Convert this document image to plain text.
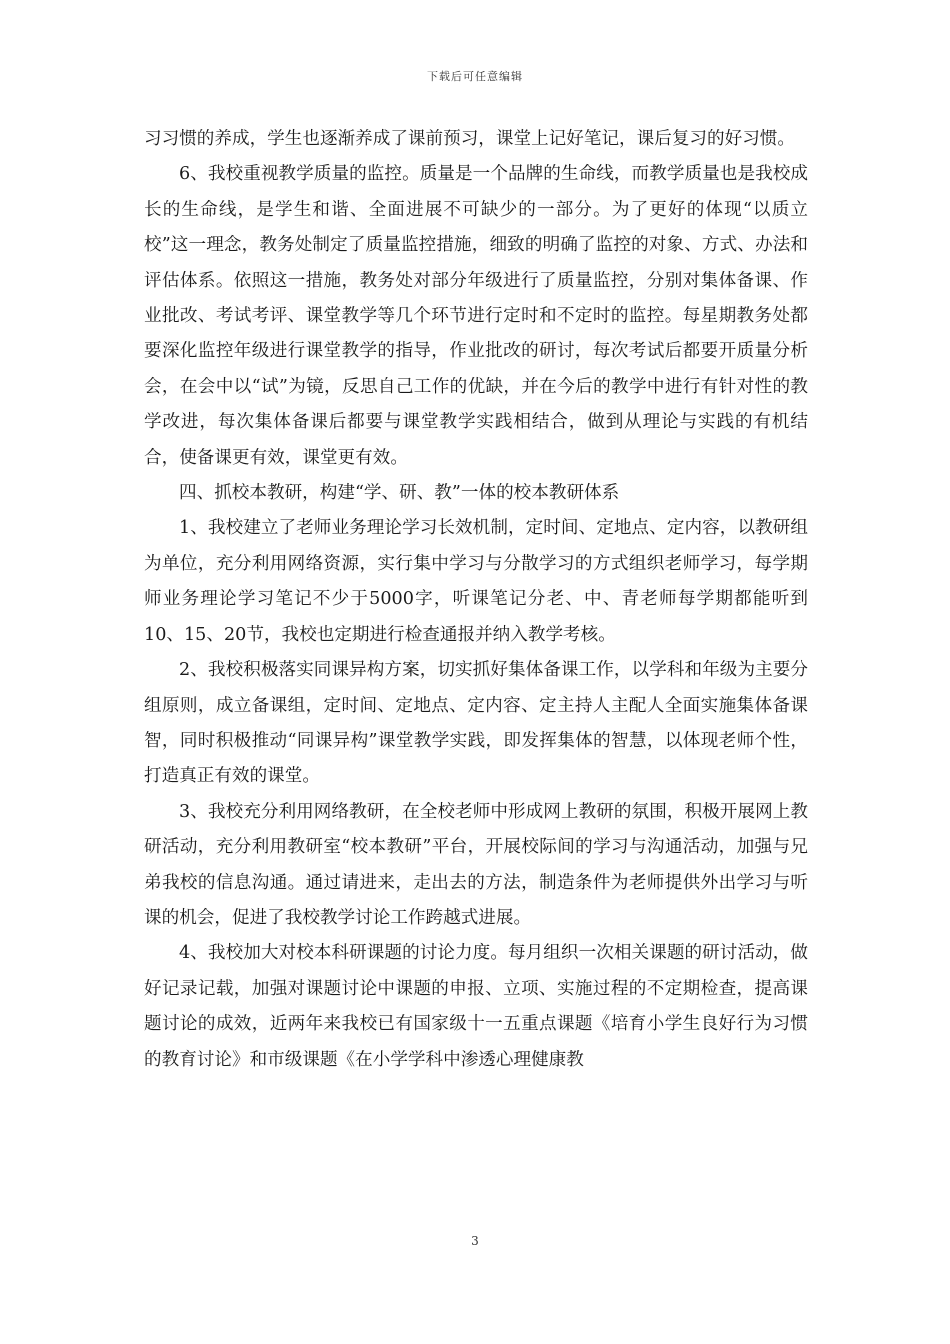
下载后可任意编辑

习习惯的养成，学生也逐渐养成了课前预习，课堂上记好笔记，课后复习的好习惯。

6、我校重视教学质量的监控。质量是一个品牌的生命线，而教学质量也是我校成长的生命线，是学生和谐、全面进展不可缺少的一部分。为了更好的体现“以质立校”这一理念，教务处制定了质量监控措施，细致的明确了监控的对象、方式、办法和评估体系。依照这一措施，教务处对部分年级进行了质量监控，分别对集体备课、作业批改、考试考评、课堂教学等几个环节进行定时和不定时的监控。每星期教务处都要深化监控年级进行课堂教学的指导，作业批改的研讨，每次考试后都要开质量分析会，在会中以“试”为镜，反思自己工作的优缺，并在今后的教学中进行有针对性的教学改进，每次集体备课后都要与课堂教学实践相结合，做到从理论与实践的有机结合，使备课更有效，课堂更有效。

四、抓校本教研，构建“学、研、教”一体的校本教研体系

1、我校建立了老师业务理论学习长效机制，定时间、定地点、定内容，以教研组为单位，充分利用网络资源，实行集中学习与分散学习的方式组织老师学习，每学期师业务理论学习笔记不少于5000字，听课笔记分老、中、青老师每学期都能听到10、15、20节，我校也定期进行检查通报并纳入教学考核。

2、我校积极落实同课异构方案，切实抓好集体备课工作，以学科和年级为主要分组原则，成立备课组，定时间、定地点、定内容、定主持人主配人全面实施集体备课智，同时积极推动“同课异构”课堂教学实践，即发挥集体的智慧，以体现老师个性，打造真正有效的课堂。

3、我校充分利用网络教研，在全校老师中形成网上教研的氛围，积极开展网上教研活动，充分利用教研室“校本教研”平台，开展校际间的学习与沟通活动，加强与兄弟我校的信息沟通。通过请进来，走出去的方法，制造条件为老师提供外出学习与听课的机会，促进了我校教学讨论工作跨越式进展。

4、我校加大对校本科研课题的讨论力度。每月组织一次相关课题的研讨活动，做好记录记载，加强对课题讨论中课题的申报、立项、实施过程的不定期检查，提高课题讨论的成效，近两年来我校已有国家级十一五重点课题《培育小学生良好行为习惯的教育讨论》和市级课题《在小学学科中渗透心理健康教

3
